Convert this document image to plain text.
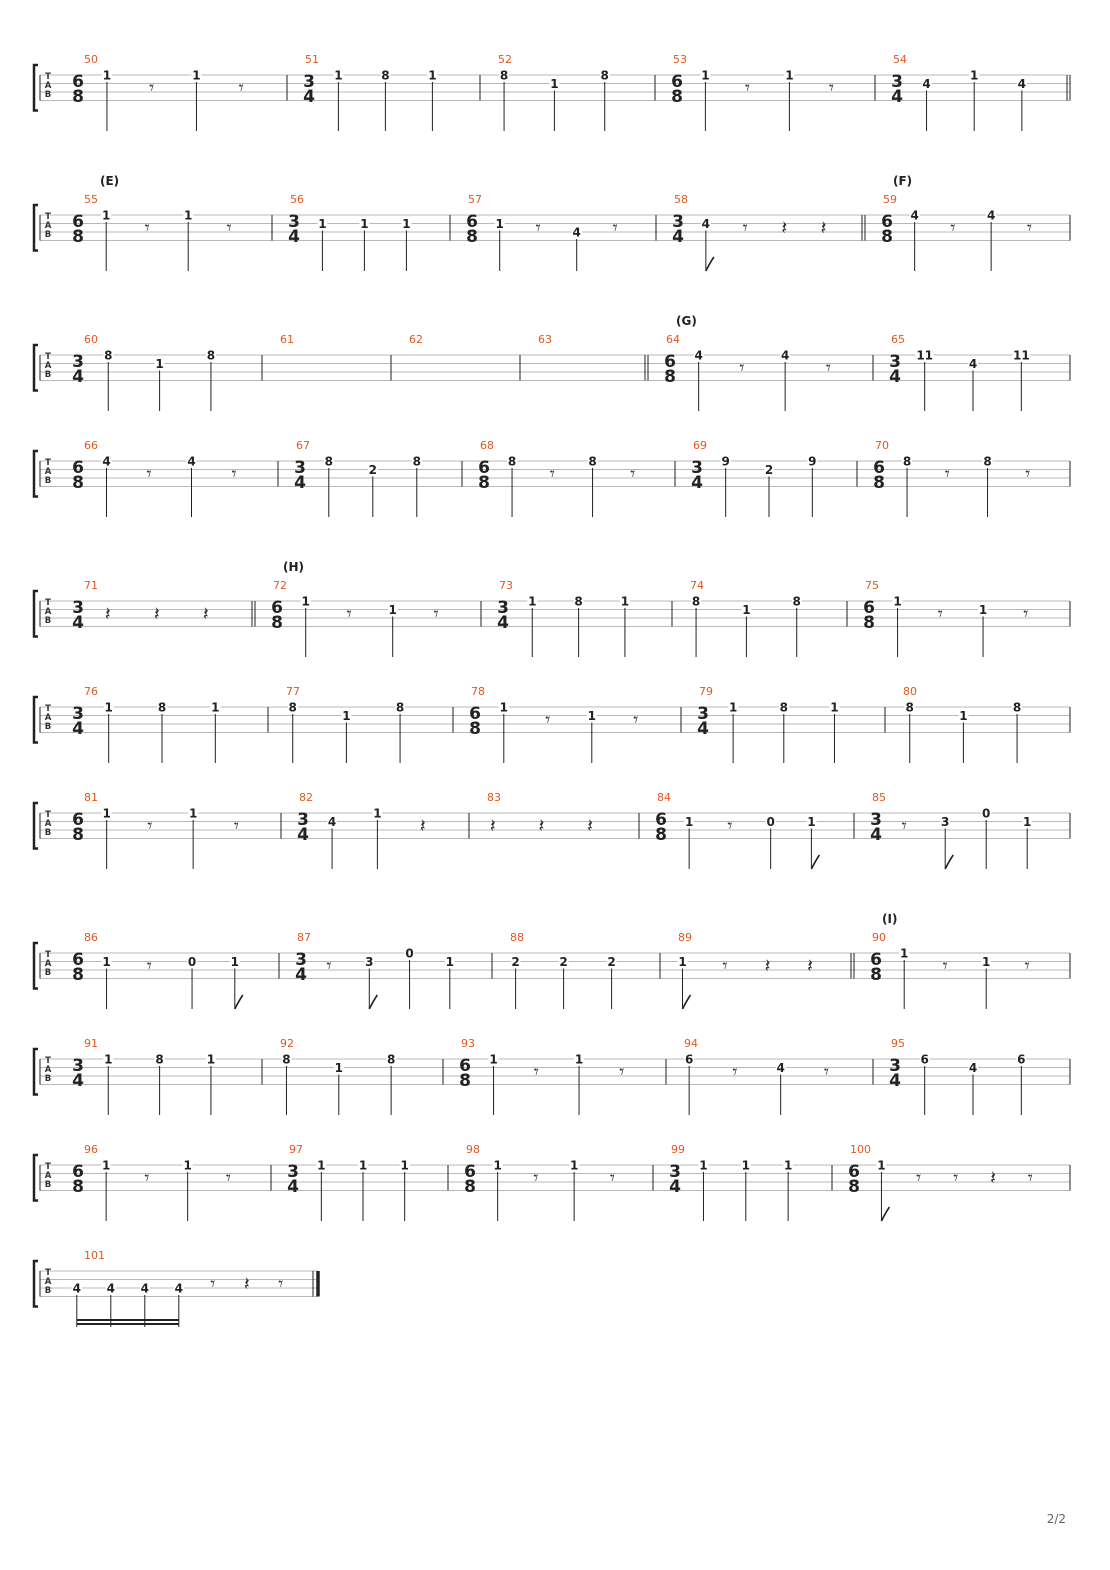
T
A
B
50
6
8
1
𝄾
1
𝄾
51
3
4
1	8	1
52
8
1
8
53
6
8
1
𝄾
1
𝄾
54
3
4
4
1
4
T
A
B
55
(E)
6
8
1
𝄾
1
𝄾
56
3
4
1	1	1
57
6
8
1 𝄾	4 𝄾
58
3
4
4 𝄾 𝄽 𝄽
59
(F)
6
8
4
𝄾
4
𝄾
T
A
B
60
3
4
8
1
8
61	62	63	64
(G)
6
8
4
𝄾
4
𝄾
65
3
4
11
4
11
T
A
B
66
6
8
4
𝄾
4
𝄾
67
3
4
8
2
8
68
6
8
8
𝄾
8
𝄾
69
3
4
9
2
9
70
6
8
8
𝄾
8
𝄾
T
A
B
71
3
4 𝄽 𝄽 𝄽
72
(H)
6
8
1
𝄾	1 𝄾
73
3
4
1	8	1
74
8
1
8
75
6
8
1
𝄾	1 𝄾
T
A
B
76
3
4
1	8	1
77
8
1
8
78
6
8
1
𝄾	1 𝄾
79
3
4
1	8	1
80
8
1
8
T
A
B
81
6
8
1
𝄾
1
𝄾
82
3
4
4
1
𝄽
83
𝄽 𝄽 𝄽
84
6
8
1 𝄾	0	1
85
3
4 𝄾	3
0
1
T
A
B
86
6
8
1 𝄾	0	1
87
3
4 𝄾	3
0
1
88
2	2	2
89
1 𝄾 𝄽 𝄽
90
(I)
6
8
1
𝄾	1 𝄾
T
A
B
91
3
4
1	8	1
92
8
1
8
93
6
8
1
𝄾
1
𝄾
94
6
𝄾	4 𝄾
95
3
4
6
4
6
T
A
B
96
6
8
1
𝄾
1
𝄾
97
3
4
1	1	1
98
6
8
1
𝄾
1
𝄾
99
3
4
1	1	1
100
6
8
1
𝄾 𝄾 𝄽 𝄾
T
A
B
101
4 4 4 4 𝄾 𝄽 𝄾
2/2
